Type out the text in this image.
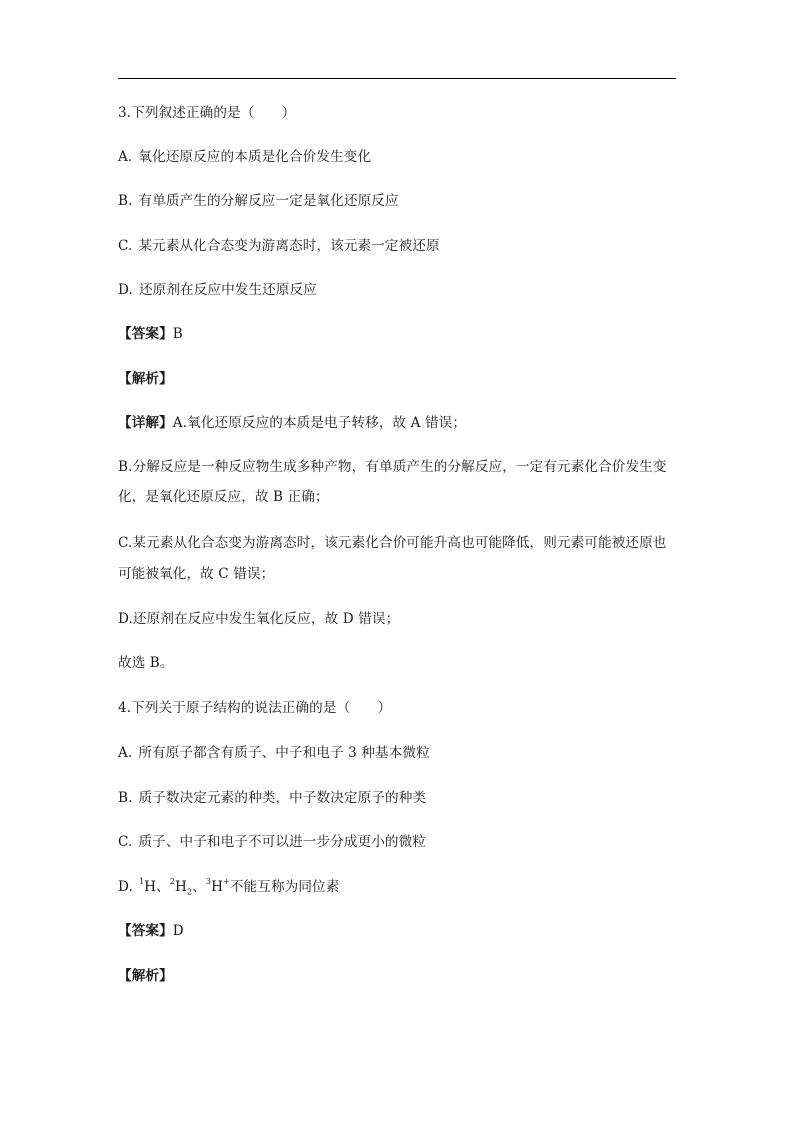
3.下列叙述正确的是（　　）
A. 氧化还原反应的本质是化合价发生变化
B. 有单质产生的分解反应一定是氧化还原反应
C. 某元素从化合态变为游离态时，该元素一定被还原
D. 还原剂在反应中发生还原反应
【答案】B
【解析】
【详解】A.氧化还原反应的本质是电子转移，故 A 错误；
B.分解反应是一种反应物生成多种产物，有单质产生的分解反应，一定有元素化合价发生变
化，是氧化还原反应，故 B 正确；
C.某元素从化合态变为游离态时，该元素化合价可能升高也可能降低，则元素可能被还原也
可能被氧化，故 C 错误；
D.还原剂在反应中发生氧化反应，故 D 错误；
故选 B。
4.下列关于原子结构的说法正确的是（　　）
A. 所有原子都含有质子、中子和电子 3 种基本微粒
B. 质子数决定元素的种类，中子数决定原子的种类
C. 质子、中子和电子不可以进一步分成更小的微粒
D. $^1$H、$^2H_2$、$^3$H+不能互称为同位素
【答案】D
【解析】
